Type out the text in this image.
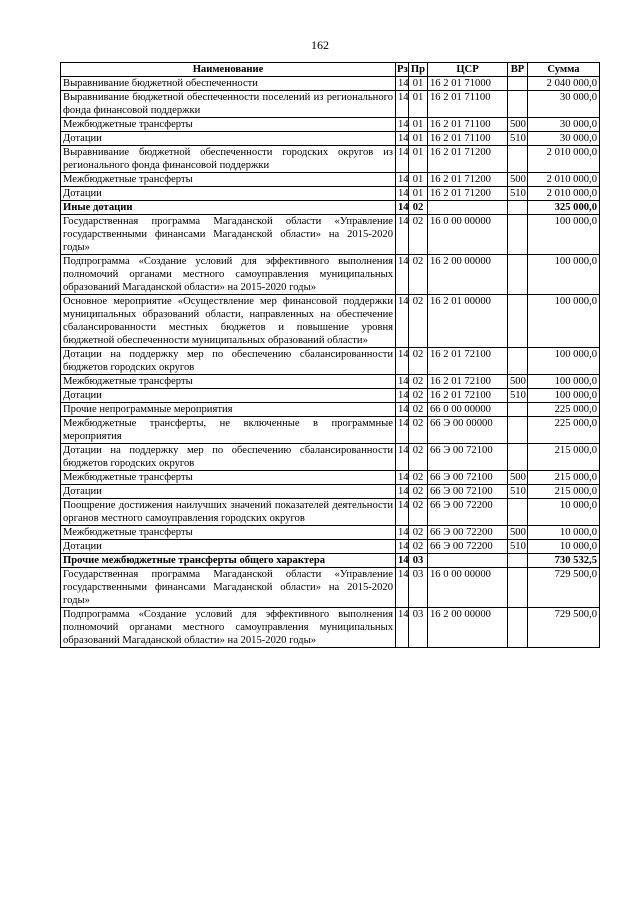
162
Наименование	Рз	Пр	ЦСР	ВР	Сумма
Выравнивание бюджетной обеспеченности	14	01	16 2 01 71000		2 040 000,0
Выравнивание бюджетной обеспеченности поселений из регионального фонда финансовой поддержки	14	01	16 2 01 71100		30 000,0
Межбюджетные трансферты	14	01	16 2 01 71100	500	30 000,0
Дотации	14	01	16 2 01 71100	510	30 000,0
Выравнивание бюджетной обеспеченности городских округов из регионального фонда финансовой поддержки	14	01	16 2 01 71200		2 010 000,0
Межбюджетные трансферты	14	01	16 2 01 71200	500	2 010 000,0
Дотации	14	01	16 2 01 71200	510	2 010 000,0
Иные дотации	14	02			325 000,0
Государственная программа Магаданской области «Управление государственными финансами Магаданской области» на 2015-2020 годы»	14	02	16 0 00 00000		100 000,0
Подпрограмма «Создание условий для эффективного выполнения полномочий органами местного самоуправления муниципальных образований Магаданской области» на 2015-2020 годы»	14	02	16 2 00 00000		100 000,0
Основное мероприятие «Осуществление мер финансовой поддержки муниципальных образований области, направленных на обеспечение сбалансированности местных бюджетов и повышение уровня бюджетной обеспеченности муниципальных образований области»	14	02	16 2 01 00000		100 000,0
Дотации на поддержку мер по обеспечению сбалансированности бюджетов городских округов	14	02	16 2 01 72100		100 000,0
Межбюджетные трансферты	14	02	16 2 01 72100	500	100 000,0
Дотации	14	02	16 2 01 72100	510	100 000,0
Прочие непрограммные мероприятия	14	02	66 0 00 00000		225 000,0
Межбюджетные трансферты, не включенные в программные мероприятия	14	02	66 Э 00 00000		225 000,0
Дотации на поддержку мер по обеспечению сбалансированности бюджетов городских округов	14	02	66 Э 00 72100		215 000,0
Межбюджетные трансферты	14	02	66 Э 00 72100	500	215 000,0
Дотации	14	02	66 Э 00 72100	510	215 000,0
Поощрение достижения наилучших значений показателей деятельности органов местного самоуправления городских округов	14	02	66 Э 00 72200		10 000,0
Межбюджетные трансферты	14	02	66 Э 00 72200	500	10 000,0
Дотации	14	02	66 Э 00 72200	510	10 000,0
Прочие межбюджетные трансферты общего характера	14	03			730 532,5
Государственная программа Магаданской области «Управление государственными финансами Магаданской области» на 2015-2020 годы»	14	03	16 0 00 00000		729 500,0
Подпрограмма «Создание условий для эффективного выполнения полномочий органами местного самоуправления муниципальных образований Магаданской области» на 2015-2020 годы»	14	03	16 2 00 00000		729 500,0
